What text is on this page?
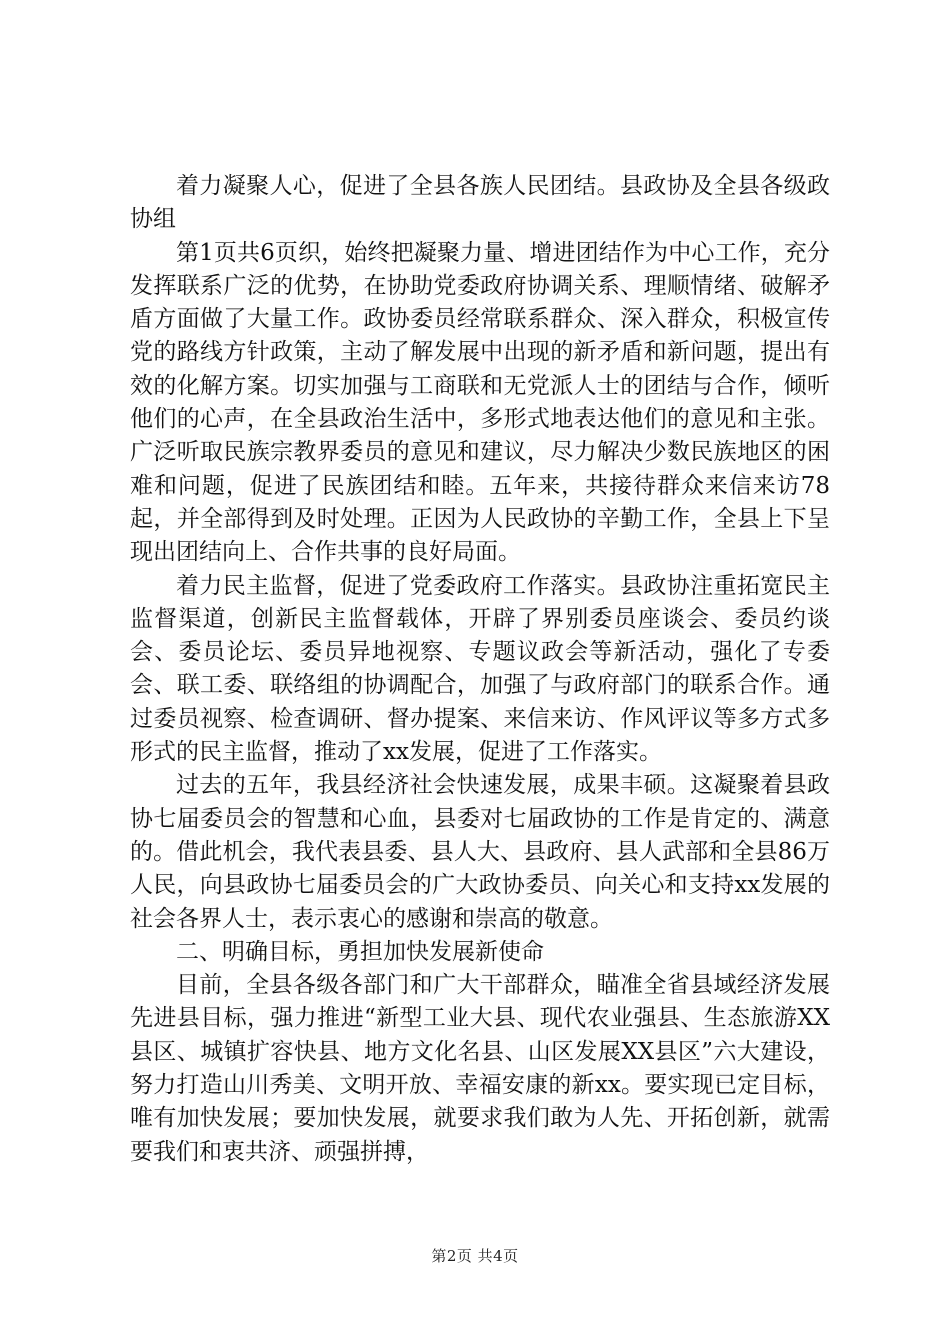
着力凝聚人心，促进了全县各族人民团结。县政协及全县各级政协组

第1页共6页织，始终把凝聚力量、增进团结作为中心工作，充分发挥联系广泛的优势，在协助党委政府协调关系、理顺情绪、破解矛盾方面做了大量工作。政协委员经常联系群众、深入群众，积极宣传党的路线方针政策，主动了解发展中出现的新矛盾和新问题，提出有效的化解方案。切实加强与工商联和无党派人士的团结与合作，倾听他们的心声，在全县政治生活中，多形式地表达他们的意见和主张。广泛听取民族宗教界委员的意见和建议，尽力解决少数民族地区的困难和问题，促进了民族团结和睦。五年来，共接待群众来信来访78起，并全部得到及时处理。正因为人民政协的辛勤工作，全县上下呈现出团结向上、合作共事的良好局面。

着力民主监督，促进了党委政府工作落实。县政协注重拓宽民主监督渠道，创新民主监督载体，开辟了界别委员座谈会、委员约谈会、委员论坛、委员异地视察、专题议政会等新活动，强化了专委会、联工委、联络组的协调配合，加强了与政府部门的联系合作。通过委员视察、检查调研、督办提案、来信来访、作风评议等多方式多形式的民主监督，推动了xx发展，促进了工作落实。

过去的五年，我县经济社会快速发展，成果丰硕。这凝聚着县政协七届委员会的智慧和心血，县委对七届政协的工作是肯定的、满意的。借此机会，我代表县委、县人大、县政府、县人武部和全县86万人民，向县政协七届委员会的广大政协委员、向关心和支持xx发展的社会各界人士，表示衷心的感谢和崇高的敬意。

二、明确目标，勇担加快发展新使命

目前，全县各级各部门和广大干部群众，瞄准全省县域经济发展先进县目标，强力推进“新型工业大县、现代农业强县、生态旅游XX县区、城镇扩容快县、地方文化名县、山区发展XX县区”六大建设，努力打造山川秀美、文明开放、幸福安康的新xx。要实现已定目标，唯有加快发展；要加快发展，就要求我们敢为人先、开拓创新，就需要我们和衷共济、顽强拼搏，

第2页 共4页
